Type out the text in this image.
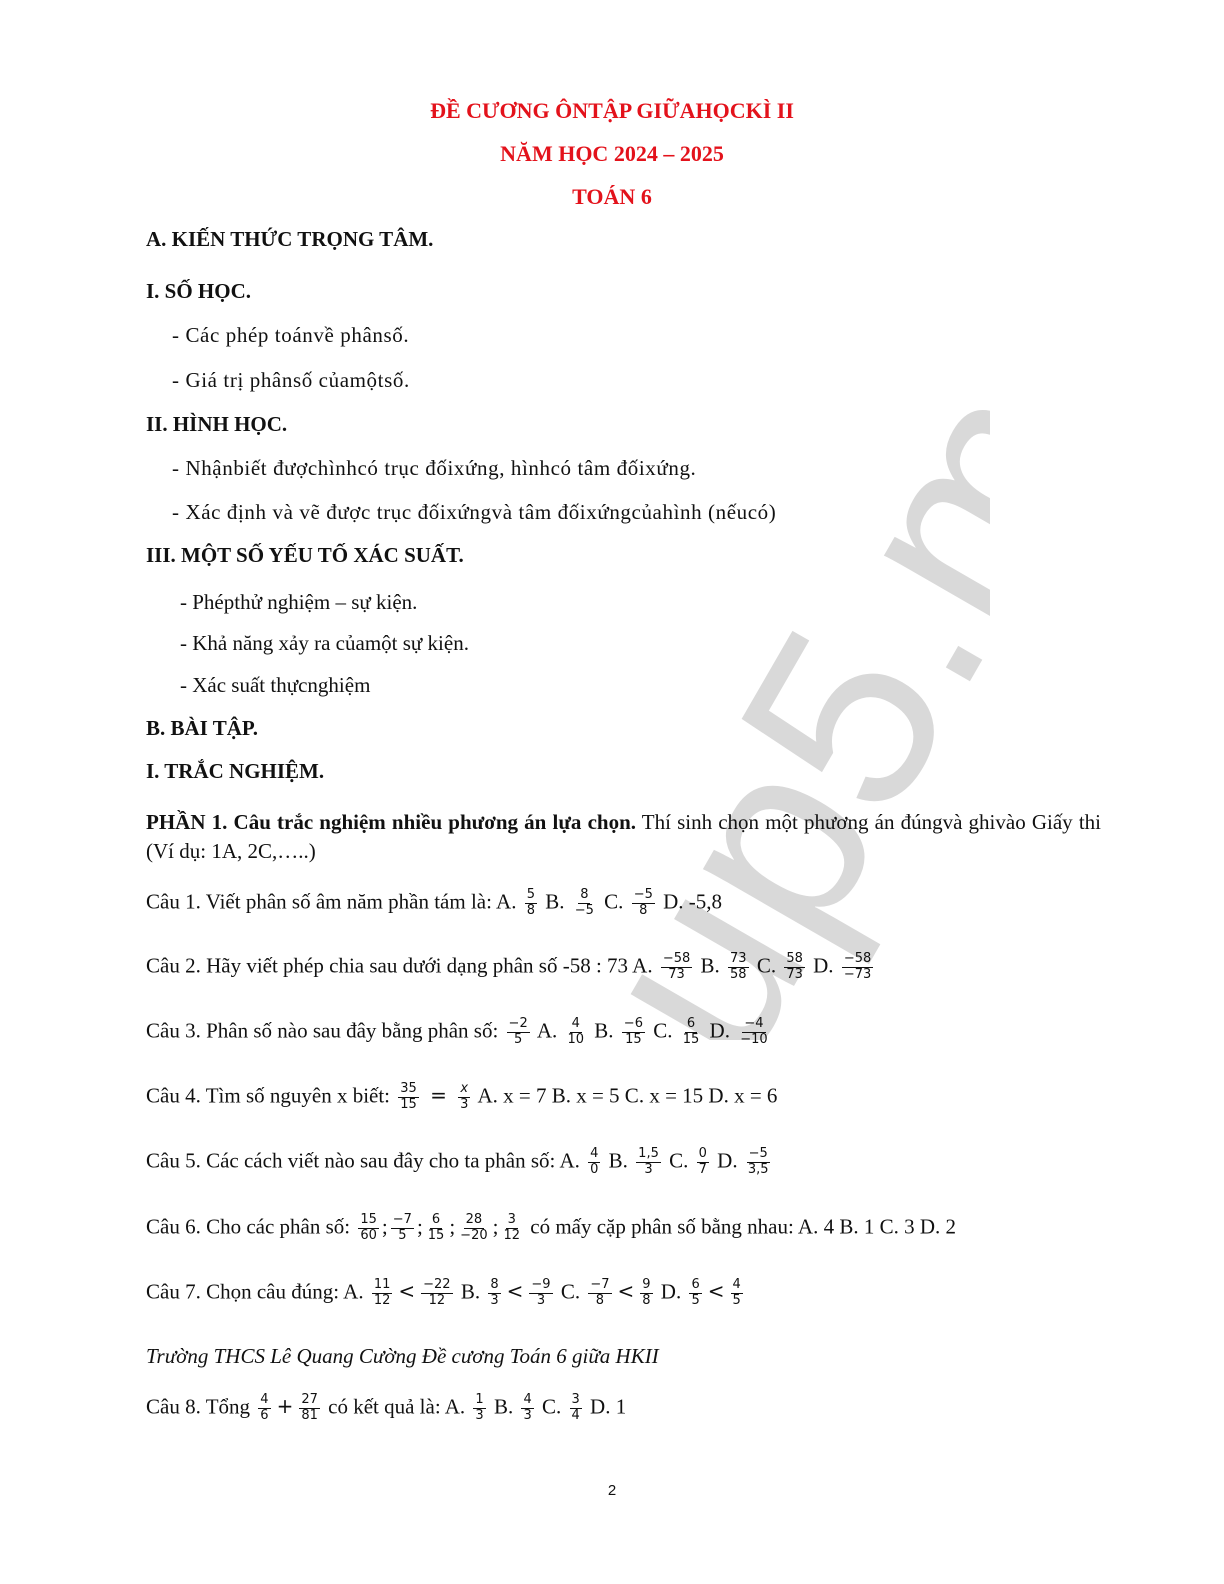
up5.me
ĐỀ CƯƠNG ÔNTẬP GIỮAHỌCKÌ II
NĂM HỌC 2024 – 2025
TOÁN 6
A. KIẾN THỨC TRỌNG TÂM.
I. SỐ HỌC.
- Các phép toánvề phânsố.
- Giá trị phânsố củamộtsố.
II. HÌNH HỌC.
- Nhậnbiết đượchìnhcó trục đốixứng, hìnhcó tâm đốixứng.
- Xác định và vẽ được trục đốixứngvà tâm đốixứngcủahình (nếucó)
III. MỘT SỐ YẾU TỐ XÁC SUẤT.
- Phépthử nghiệm – sự kiện.
- Khả năng xảy ra củamột sự kiện.
- Xác suất thựcnghiệm
B. BÀI TẬP.
I. TRẮC NGHIỆM.
PHẦN 1. Câu trắc nghiệm nhiều phương án lựa chọn. Thí sinh chọn một phương án đúngvà ghivào Giấy thi (Ví dụ: 1A, 2C,…..)
Câu 1. Viết phân số âm năm phần tám là: A. $\frac{5}{8} B$. $\frac{8}{-5} C$. $\frac{-5}{8} D$. -5,8
Câu 2. Hãy viết phép chia sau dưới dạng phân số -58 : 73 A. $\frac{-58}{73} B$. $\frac{73}{58} C$. $\frac{58}{73} D$. $\frac{-58}{-73}$
Câu 3. Phân số nào sau đây bằng phân số: $\frac{-2}{5} A$. $\frac{4}{10} B$. $\frac{-6}{15} C$. $\frac{6}{15} D$. $\frac{-4}{-10}$
Câu 4. Tìm số nguyên x biết: $\frac{35}{15} = \frac{x}{3} A$. x = 7 B. x = 5 C. x = 15 D. x = 6
Câu 5. Các cách viết nào sau đây cho ta phân số: A. $\frac{4}{0} B$. $\frac{1,5}{3} C$. $\frac{0}{7} D$. $\frac{-5}{3,5}$
Câu 6. Cho các phân số: $\frac{15}{60}$ ; $\frac{-7}{5}$ ; $\frac{6}{15}$ ; $\frac{28}{-20}$ ; $\frac{3}{12}$ có mấy cặp phân số bằng nhau: A. 4 B. 1 C. 3 D. 2
Câu 7. Chọn câu đúng: A. $\frac{11}{12} < \frac{-22}{12} B$. $\frac{8}{3} < \frac{-9}{3} C$. $\frac{-7}{8} < \frac{9}{8} D$. $\frac{6}{5} < \frac{4}{5}$
Trường THCS Lê Quang Cường Đề cương Toán 6 giữa HKII
Câu 8. Tổng $\frac{4}{6} + \frac{27}{81}$ có kết quả là: A. $\frac{1}{3} B$. $\frac{4}{3} C$. $\frac{3}{4} D$. 1
2
